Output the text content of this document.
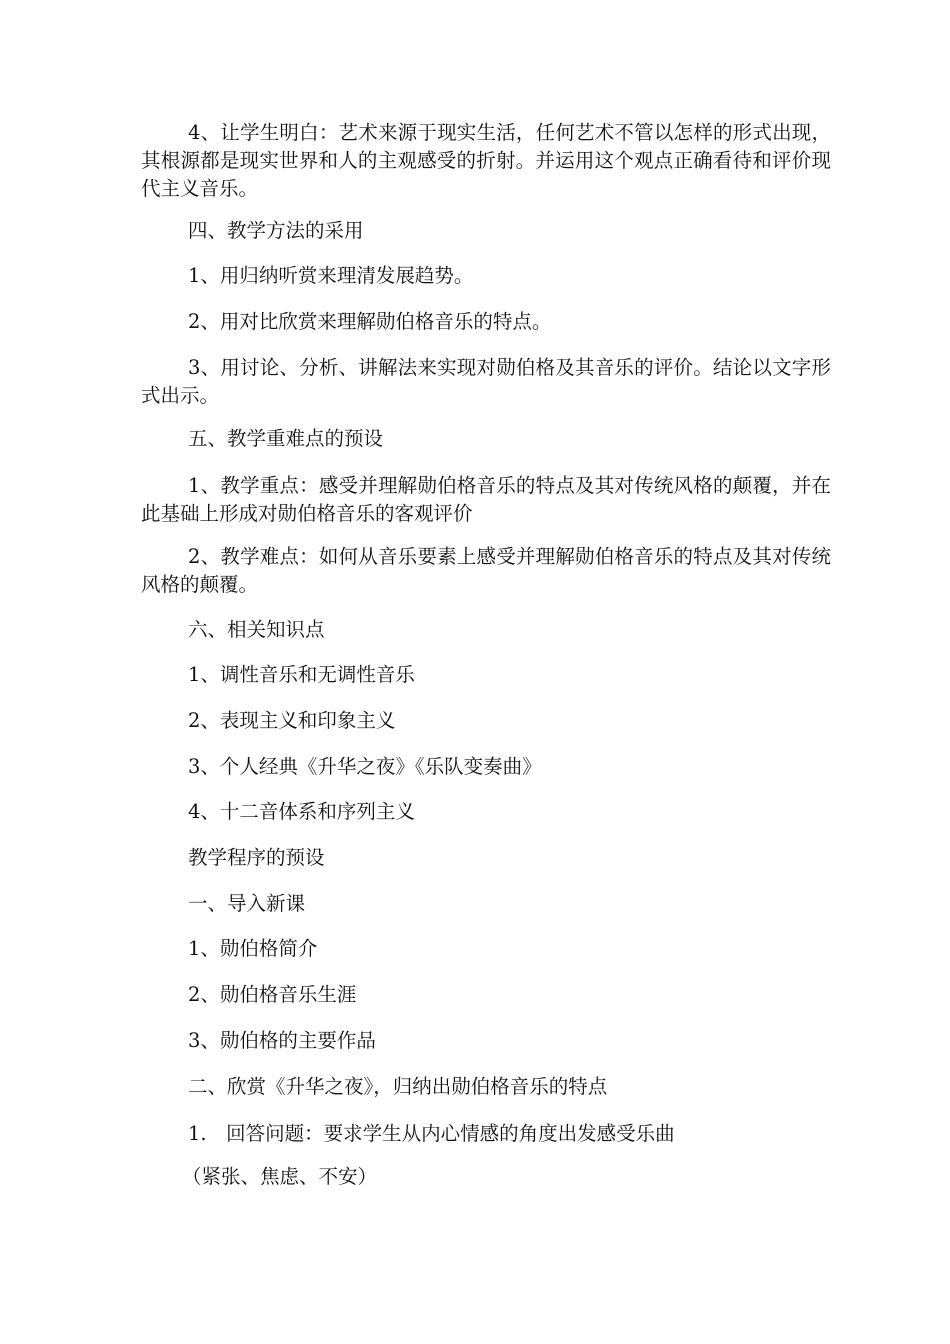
4、让学生明白：艺术来源于现实生活，任何艺术不管以怎样的形式出现，其根源都是现实世界和人的主观感受的折射。并运用这个观点正确看待和评价现代主义音乐。

四、教学方法的采用

1、用归纳听赏来理清发展趋势。

2、用对比欣赏来理解勋伯格音乐的特点。

3、用讨论、分析、讲解法来实现对勋伯格及其音乐的评价。结论以文字形式出示。

五、教学重难点的预设

1、教学重点：感受并理解勋伯格音乐的特点及其对传统风格的颠覆，并在此基础上形成对勋伯格音乐的客观评价

2、教学难点：如何从音乐要素上感受并理解勋伯格音乐的特点及其对传统风格的颠覆。

六、相关知识点

1、调性音乐和无调性音乐

2、表现主义和印象主义

3、个人经典《升华之夜》《乐队变奏曲》

4、十二音体系和序列主义

教学程序的预设

一、导入新课

1、勋伯格简介

2、勋伯格音乐生涯

3、勋伯格的主要作品

二、欣赏《升华之夜》，归纳出勋伯格音乐的特点

1.　回答问题：要求学生从内心情感的角度出发感受乐曲

（紧张、焦虑、不安）
